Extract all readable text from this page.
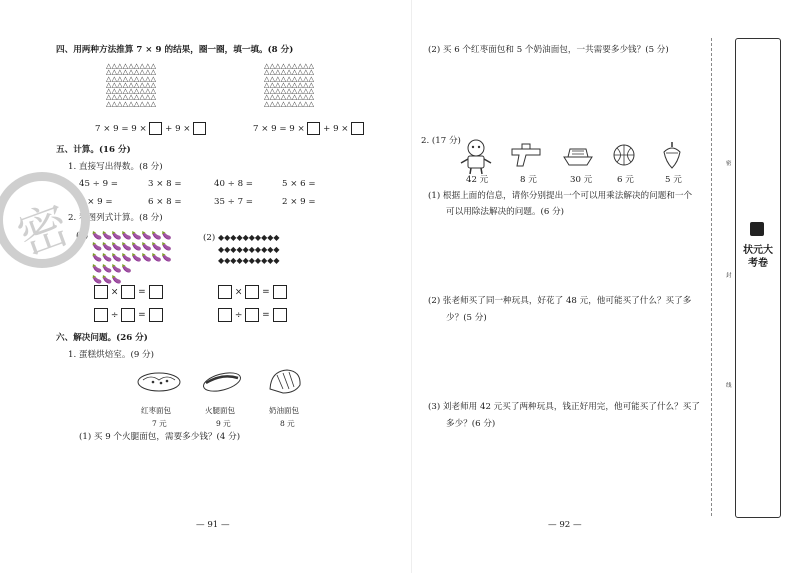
四、用两种方法推算 7 × 9 的结果，圈一圈，填一填。(8 分)
△△△△△△△△△
△△△△△△△△△
△△△△△△△△△
△△△△△△△△△
△△△△△△△△△
△△△△△△△△△
△△△△△△△△△
△△△△△△△△△
△△△△△△△△△
△△△△△△△△△
△△△△△△△△△
△△△△△△△△△
△△△△△△△△△
△△△△△△△△△
7 × 9 = 9 × + 9 ×	7 × 9 = 9 × + 9 ×
五、计算。(16 分)
1. 直接写出得数。(8 分)
45 ÷ 9 =	3 × 8 =	40 ÷ 8 =	5 × 6 =
4 × 9 =	6 × 8 =	35 ÷ 7 =	2 × 9 =
2. 看图列式计算。(8 分)
(1) 🍆🍆🍆🍆🍆🍆🍆🍆
🍆🍆🍆🍆🍆🍆🍆🍆
🍆🍆🍆🍆🍆🍆🍆🍆
🍆🍆🍆🍆
🍆🍆🍆
(2) ◆◆◆◆◆◆◆◆◆◆
◆◆◆◆◆◆◆◆◆◆
◆◆◆◆◆◆◆◆◆◆
× =
÷ =
× =
÷ =
六、解决问题。(26 分)
1. 蛋糕烘焙室。(9 分)
红枣面包
7 元
火腿面包
9 元
奶油面包
8 元
(1) 买 9 个火腿面包，需要多少钱？(4 分)
— 91 —
密
(2) 买 6 个红枣面包和 5 个奶油面包，一共需要多少钱？(5 分)
2. (17 分)
42 元	8 元	30 元	6 元	5 元
(1) 根据上面的信息，请你分别提出一个可以用乘法解决的问题和一个
可以用除法解决的问题。(6 分)
(2) 张老师买了同一种玩具，好花了 48 元，他可能买了什么？买了多
少？(5 分)
(3) 刘老师用 42 元买了两种玩具，钱正好用完，他可能买了什么？买了
多少？(6 分)
— 92 —
密
封
线
状元大考卷
